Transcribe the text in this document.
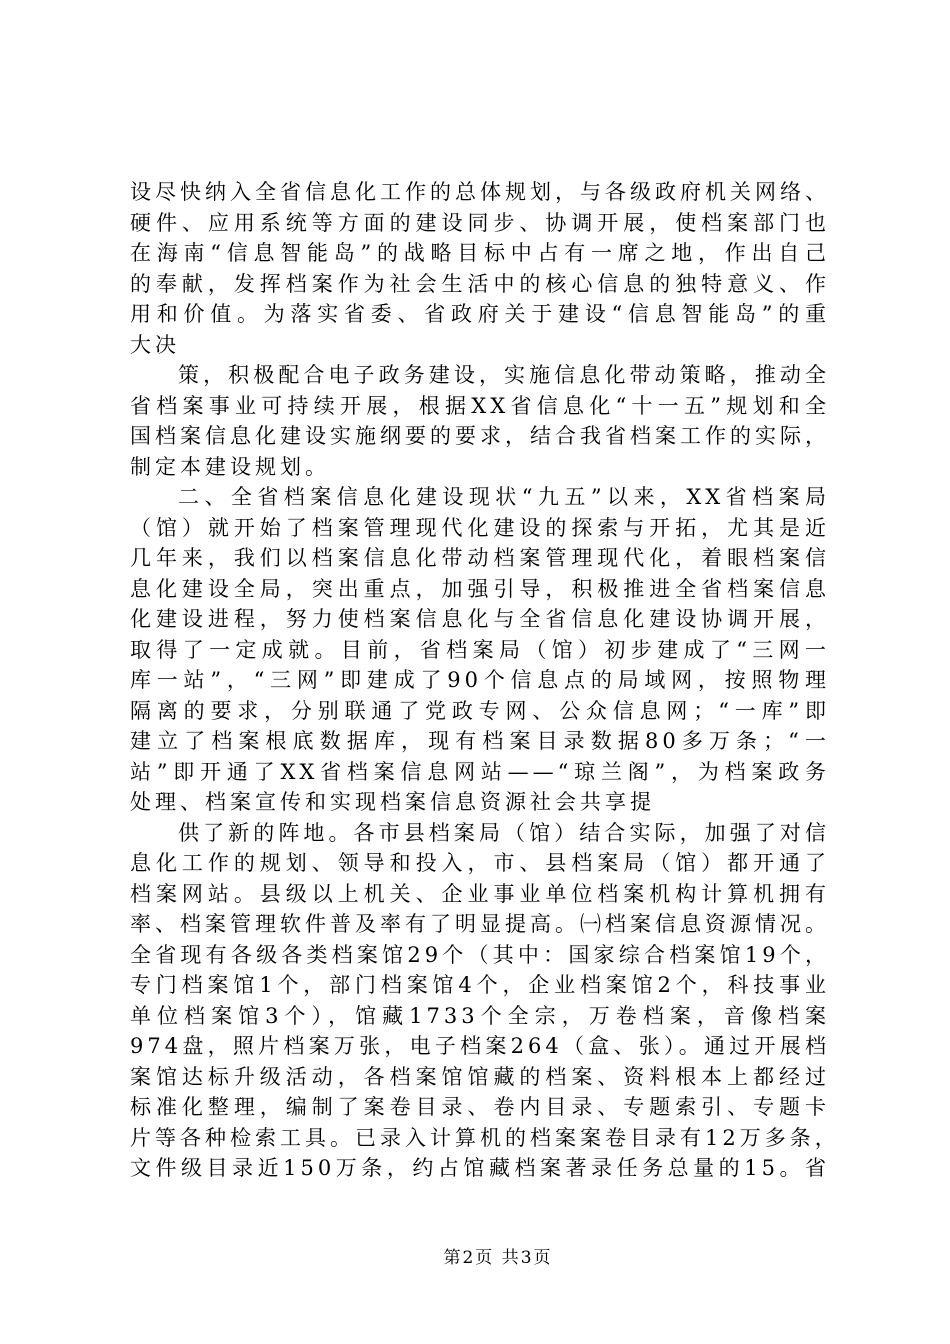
设尽快纳入全省信息化工作的总体规划，与各级政府机关网络、
硬件、应用系统等方面的建设同步、协调开展，使档案部门也
在海南“信息智能岛”的战略目标中占有一席之地，作出自己
的奉献，发挥档案作为社会生活中的核心信息的独特意义、作
用和价值。为落实省委、省政府关于建设“信息智能岛”的重
大决
策，积极配合电子政务建设，实施信息化带动策略，推动全
省档案事业可持续开展，根据XX省信息化“十一五”规划和全
国档案信息化建设实施纲要的要求，结合我省档案工作的实际，
制定本建设规划。
二、全省档案信息化建设现状“九五”以来，XX省档案局
（馆）就开始了档案管理现代化建设的探索与开拓，尤其是近
几年来，我们以档案信息化带动档案管理现代化，着眼档案信
息化建设全局，突出重点，加强引导，积极推进全省档案信息
化建设进程，努力使档案信息化与全省信息化建设协调开展，
取得了一定成就。目前，省档案局（馆）初步建成了“三网一
库一站”，“三网”即建成了90个信息点的局域网，按照物理
隔离的要求，分别联通了党政专网、公众信息网；“一库”即
建立了档案根底数据库，现有档案目录数据80多万条；“一
站”即开通了XX省档案信息网站——“琼兰阁”，为档案政务
处理、档案宣传和实现档案信息资源社会共享提
供了新的阵地。各市县档案局（馆）结合实际，加强了对信
息化工作的规划、领导和投入，市、县档案局（馆）都开通了
档案网站。县级以上机关、企业事业单位档案机构计算机拥有
率、档案管理软件普及率有了明显提高。㈠档案信息资源情况。
全省现有各级各类档案馆29个（其中：国家综合档案馆19个，
专门档案馆1个，部门档案馆4个，企业档案馆2个，科技事业
单位档案馆3个），馆藏1733个全宗，万卷档案，音像档案
974盘，照片档案万张，电子档案264（盒、张）。通过开展档
案馆达标升级活动，各档案馆馆藏的档案、资料根本上都经过
标准化整理，编制了案卷目录、卷内目录、专题索引、专题卡
片等各种检索工具。已录入计算机的档案案卷目录有12万多条，
文件级目录近150万条，约占馆藏档案著录任务总量的15。省
第2页 共3页
